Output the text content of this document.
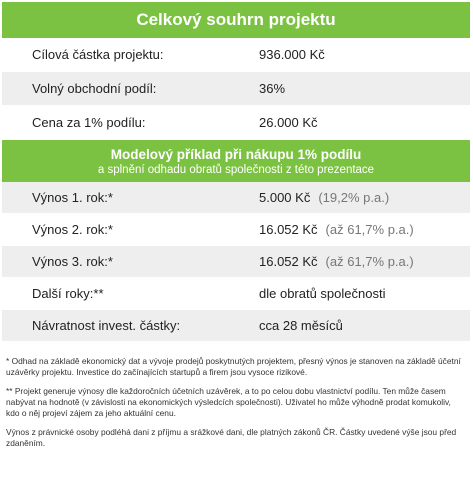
Celkový souhrn projektu
Cílová částka projektu:	936.000 Kč
Volný obchodní podíl:	36%
Cena za 1% podílu:	26.000 Kč
Modelový příklad při nákupu 1% podílu
a splnění odhadu obratů společnosti z této prezentace
Výnos 1. rok:*	5.000 Kč (19,2% p.a.)
Výnos 2. rok:*	16.052 Kč (až 61,7% p.a.)
Výnos 3. rok:*	16.052 Kč (až 61,7% p.a.)
Další roky:**	dle obratů společnosti
Návratnost invest. částky:	cca 28 měsíců

* Odhad na základě ekonomický dat a vývoje prodejů poskytnutých projektem, přesný výnos je stanoven na základě účetní uzávěrky projektu. Investice do začínajících startupů a firem jsou vysoce rizikové.

** Projekt generuje výnosy dle každoročních účetních uzávěrek, a to po celou dobu vlastnictví podílu. Ten může časem nabývat na hodnotě (v závislosti na ekonomických výsledcích společnosti). Uživatel ho může výhodně prodat komukoliv, kdo o něj projeví zájem za jeho aktuální cenu.

Výnos z právnické osoby podléhá dani z příjmu a srážkové dani, dle platných zákonů ČR. Částky uvedené výše jsou před zdaněním.
